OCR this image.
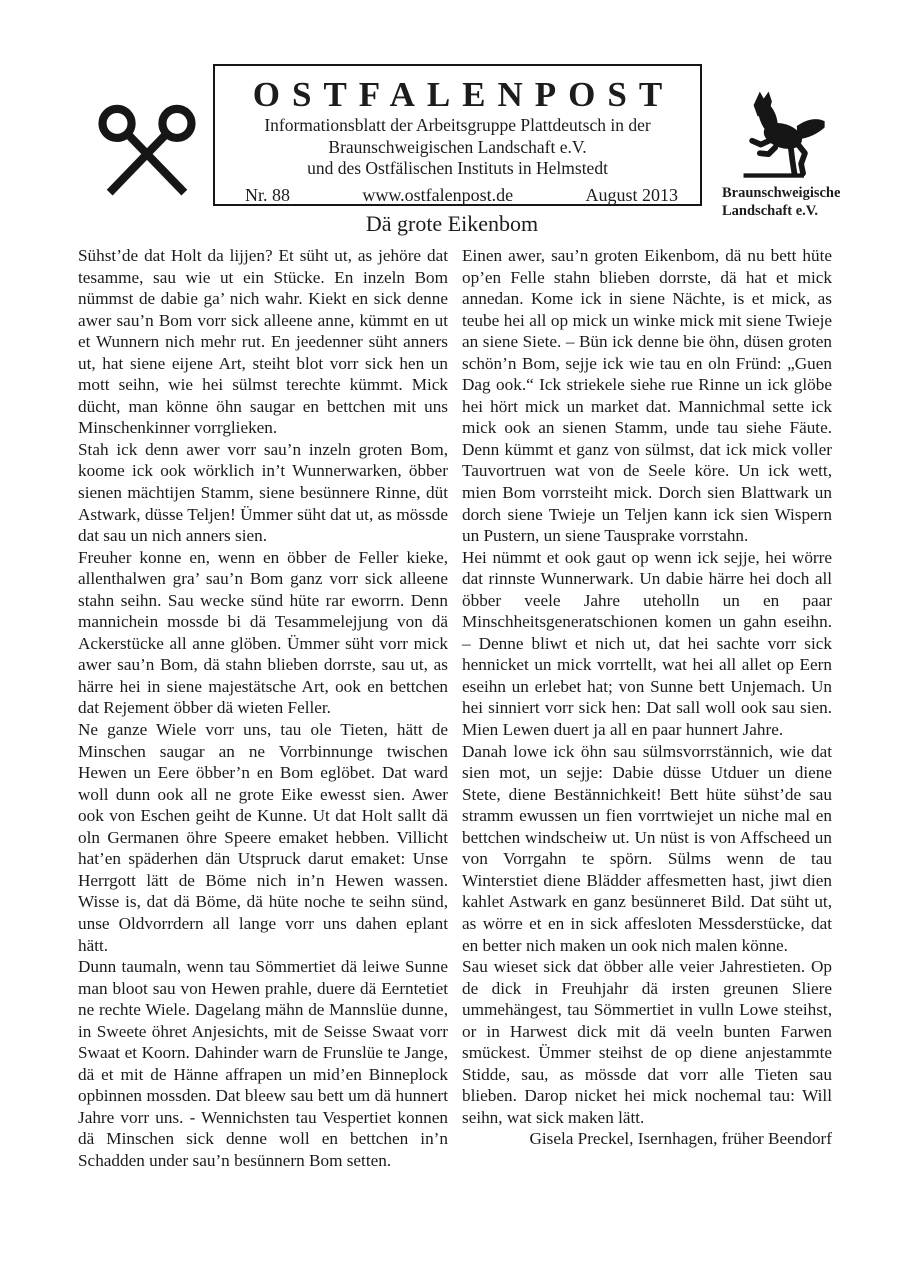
OSTFALENPOST
Informationsblatt der Arbeitsgruppe Plattdeutsch in der
Braunschweigischen Landschaft e.V.
und des Ostfälischen Instituts in Helmstedt
Nr. 88	www.ostfalenpost.de	August 2013	Braunschweigische
Landschaft e.V.
Dä grote Eikenbom

Sühst’de dat Holt da lijjen? Et süht ut, as jehöre dat tesamme, sau wie ut ein Stücke. En inzeln Bom nümmst de dabie ga’ nich wahr. Kiekt en sick denne awer sau’n Bom vorr sick alleene anne, kümmt en ut et Wunnern nich mehr rut. En jeedenner süht anners ut, hat siene eijene Art, steiht blot vorr sick hen un mott seihn, wie hei sülmst terechte kümmt. Mick dücht, man könne öhn saugar en bettchen mit uns Minschenkinner vorrglieken.

Stah ick denn awer vorr sau’n inzeln groten Bom, koome ick ook wörklich in’t Wunnerwarken, öbber sienen mächtijen Stamm, siene besünnere Rinne, düt Astwark, düsse Teljen! Ümmer süht dat ut, as mössde dat sau un nich anners sien.

Freuher konne en, wenn en öbber de Feller kieke, allenthalwen gra’ sau’n Bom ganz vorr sick alleene stahn seihn. Sau wecke sünd hüte rar eworrn. Denn mannichein mossde bi dä Tesammelejjung von dä Ackerstücke all anne glöben. Ümmer süht vorr mick awer sau’n Bom, dä stahn blieben dorrste, sau ut, as härre hei in siene majestätsche Art, ook en bettchen dat Rejement öbber dä wieten Feller.

Ne ganze Wiele vorr uns, tau ole Tieten, hätt de Minschen saugar an ne Vorrbinnunge twischen Hewen un Eere öbber’n en Bom eglöbet. Dat ward woll dunn ook all ne grote Eike ewesst sien. Awer ook von Eschen geiht de Kunne. Ut dat Holt sallt dä oln Germanen öhre Speere emaket hebben. Villicht hat’en späderhen dän Utspruck darut emaket: Unse Herrgott lätt de Böme nich in’n Hewen wassen. Wisse is, dat dä Böme, dä hüte noche te seihn sünd, unse Oldvorrdern all lange vorr uns dahen eplant hätt.

Dunn taumaln, wenn tau Sömmertiet dä leiwe Sunne man bloot sau von Hewen prahle, duere dä Eerntetiet ne rechte Wiele. Dagelang mähn de Mannslüe dunne, in Sweete öhret Anjesichts, mit de Seisse Swaat vorr Swaat et Koorn. Dahinder warn de Frunslüe te Jange, dä et mit de Hänne affrapen un mid’en Binneplock opbinnen mossden. Dat bleew sau bett um dä hunnert Jahre vorr uns. - Wennichsten tau Vespertiet konnen dä Minschen sick denne woll en bettchen in’n Schadden under sau’n besünnern Bom setten.

Einen awer, sau’n groten Eikenbom, dä nu bett hüte op’en Felle stahn blieben dorrste, dä hat et mick annedan. Kome ick in siene Nächte, is et mick, as teube hei all op mick un winke mick mit siene Twieje an siene Siete. – Bün ick denne bie öhn, düsen groten schön’n Bom, sejje ick wie tau en oln Fründ: „Guen Dag ook.“ Ick striekele siehe rue Rinne un ick glöbe hei hört mick un market dat. Mannichmal sette ick mick ook an sienen Stamm, unde tau siehe Fäute. Denn kümmt et ganz von sülmst, dat ick mick voller Tauvortruen wat von de Seele köre. Un ick wett, mien Bom vorrsteiht mick. Dorch sien Blattwark un dorch siene Twieje un Teljen kann ick sien Wispern un Pustern, un siene Tausprake vorrstahn.

Hei nümmt et ook gaut op wenn ick sejje, hei wörre dat rinnste Wunnerwark. Un dabie härre hei doch all öbber veele Jahre uteholln un en paar Minschheitsgeneratschionen komen un gahn eseihn. – Denne bliwt et nich ut, dat hei sachte vorr sick hennicket un mick vorrtellt, wat hei all allet op Eern eseihn un erlebet hat; von Sunne bett Unjemach. Un hei sinniert vorr sick hen: Dat sall woll ook sau sien. Mien Lewen duert ja all en paar hunnert Jahre.

Danah lowe ick öhn sau sülmsvorrstännich, wie dat sien mot, un sejje: Dabie düsse Utduer un diene Stete, diene Bestännichkeit! Bett hüte sühst’de sau stramm ewussen un fien vorrtwiejet un niche mal en bettchen windscheiw ut. Un nüst is von Affscheed un von Vorrgahn te spörn. Sülms wenn de tau Winterstiet diene Blädder affesmetten hast, jiwt dien kahlet Astwark en ganz besünneret Bild. Dat süht ut, as wörre et en in sick affesloten Messderstücke, dat en better nich maken un ook nich malen könne.

Sau wieset sick dat öbber alle veier Jahrestieten. Op de dick in Freuhjahr dä irsten greunen Sliere ummehängest, tau Sömmertiet in vulln Lowe steihst, or in Harwest dick mit dä veeln bunten Farwen smückest. Ümmer steihst de op diene anjestammte Stidde, sau, as mössde dat vorr alle Tieten sau blieben. Darop nicket hei mick nochemal tau: Will seihn, wat sick maken lätt.

Gisela Preckel, Isernhagen, früher Beendorf
